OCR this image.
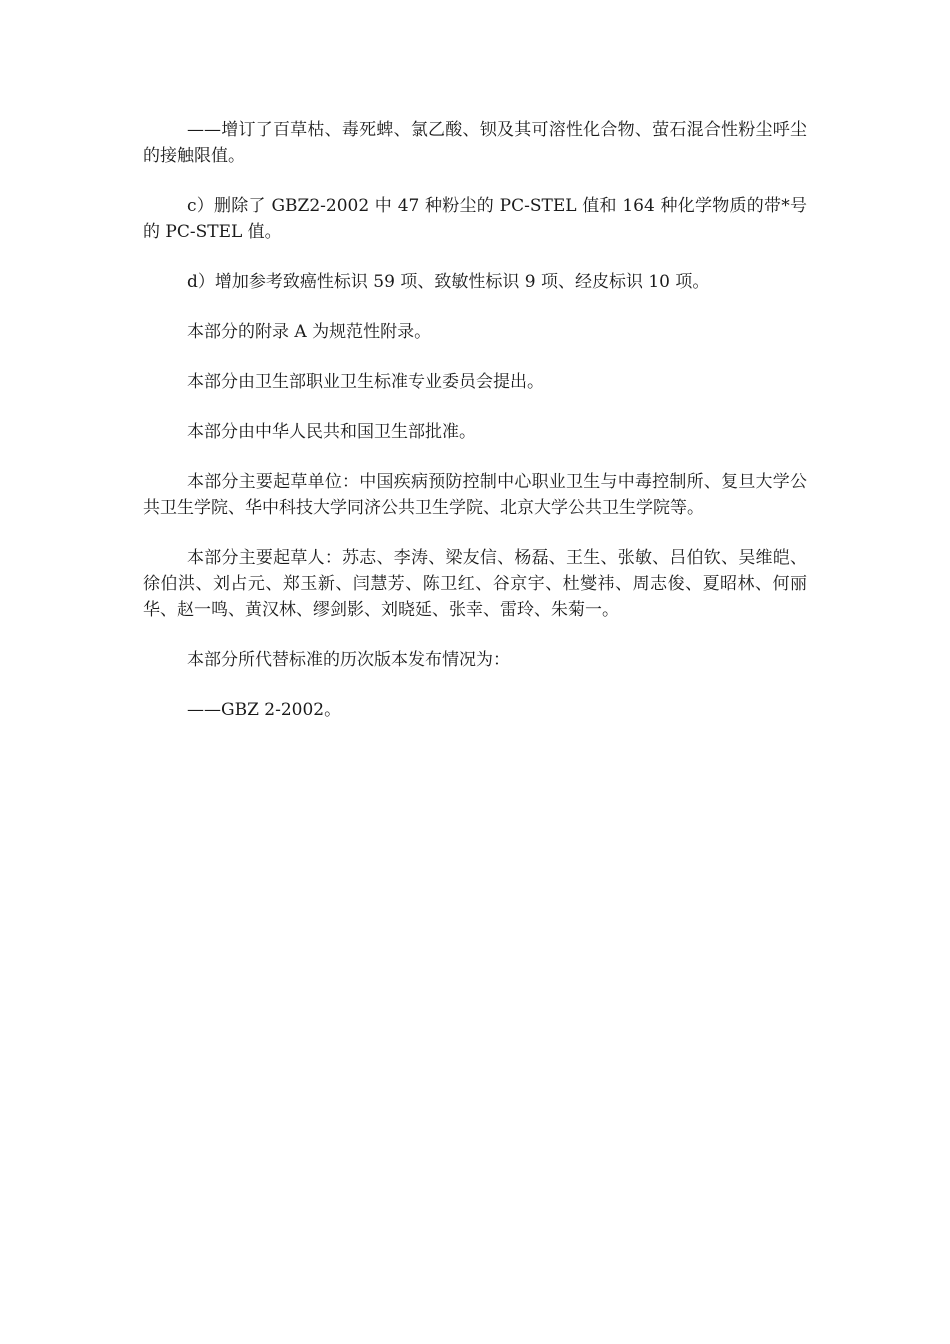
——增订了百草枯、毒死蜱、氯乙酸、钡及其可溶性化合物、萤石混合性粉尘呼尘的接触限值。

c）删除了 GBZ2-2002 中 47 种粉尘的 PC-STEL 值和 164 种化学物质的带*号的 PC-STEL 值。

d）增加参考致癌性标识 59 项、致敏性标识 9 项、经皮标识 10 项。

本部分的附录 A 为规范性附录。

本部分由卫生部职业卫生标准专业委员会提出。

本部分由中华人民共和国卫生部批准。

本部分主要起草单位：中国疾病预防控制中心职业卫生与中毒控制所、复旦大学公共卫生学院、华中科技大学同济公共卫生学院、北京大学公共卫生学院等。

本部分主要起草人：苏志、李涛、梁友信、杨磊、王生、张敏、吕伯钦、吴维皑、徐伯洪、刘占元、郑玉新、闫慧芳、陈卫红、谷京宇、杜燮祎、周志俊、夏昭林、何丽华、赵一鸣、黄汉林、缪剑影、刘晓延、张幸、雷玲、朱菊一。

本部分所代替标准的历次版本发布情况为：

——GBZ 2-2002。
